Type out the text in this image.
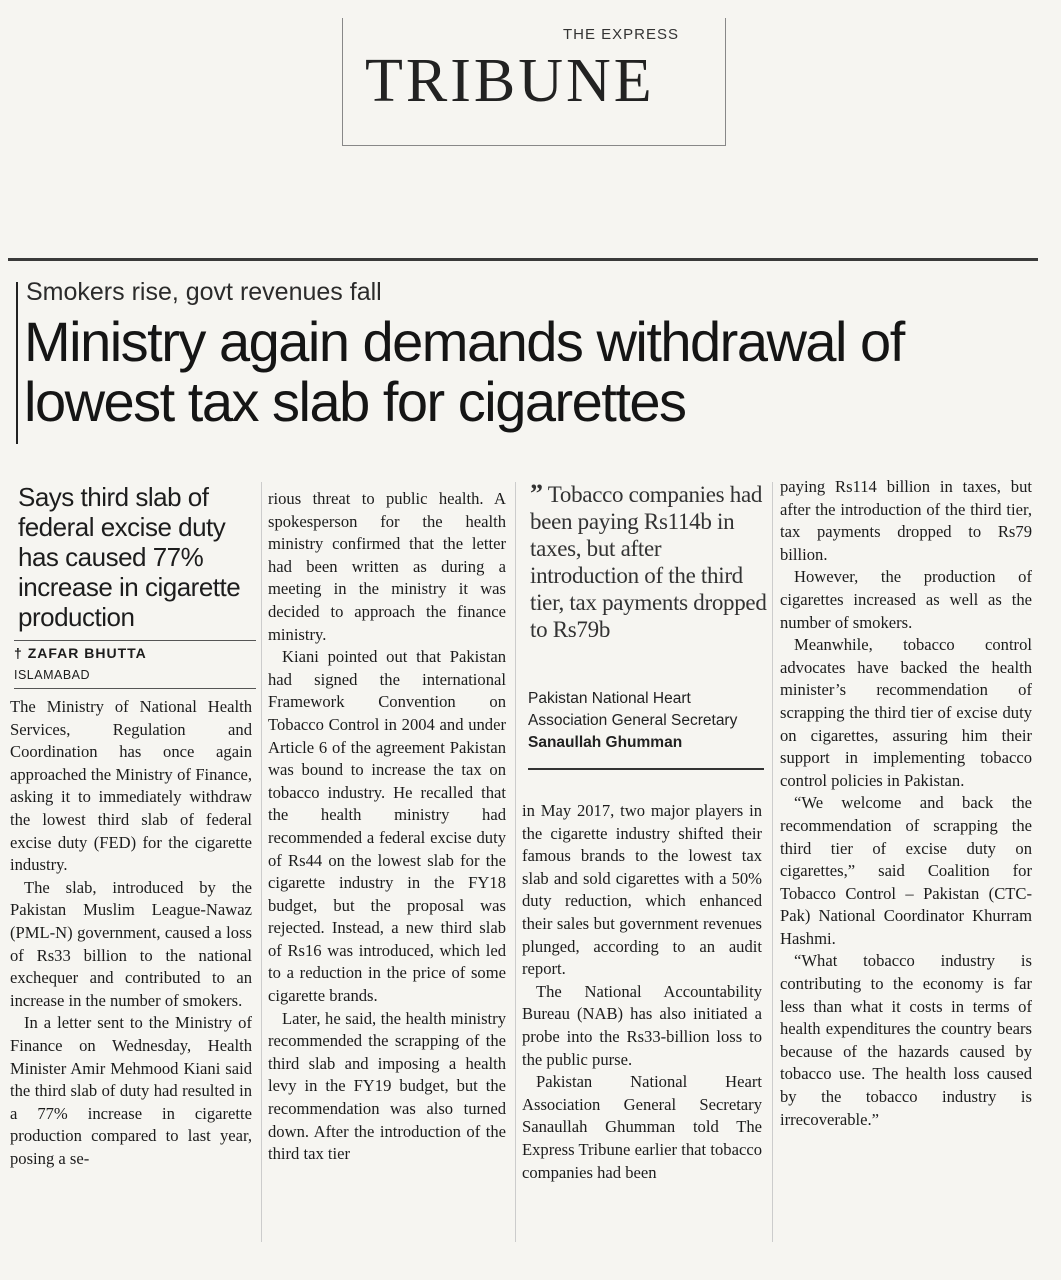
THE EXPRESS
TRIBUNE
Smokers rise, govt revenues fall
Ministry again demands withdrawal of lowest tax slab for cigarettes
Says third slab of federal excise duty has caused 77% increase in cigarette production
† ZAFAR BHUTTA
ISLAMABAD

The Ministry of National Health Services, Regulation and Coordination has once again approached the Ministry of Finance, asking it to immediately withdraw the lowest third slab of federal excise duty (FED) for the cigarette industry.

The slab, introduced by the Pakistan Muslim League-Nawaz (PML-N) government, caused a loss of Rs33 billion to the national exchequer and contributed to an increase in the number of smokers.

In a letter sent to the Ministry of Finance on Wednesday, Health Minister Amir Mehmood Kiani said the third slab of duty had resulted in a 77% increase in cigarette production compared to last year, posing a se-

rious threat to public health. A spokesperson for the health ministry confirmed that the letter had been written as during a meeting in the ministry it was decided to approach the finance ministry.

Kiani pointed out that Pakistan had signed the international Framework Convention on Tobacco Control in 2004 and under Article 6 of the agreement Pakistan was bound to increase the tax on tobacco industry. He recalled that the health ministry had recommended a federal excise duty of Rs44 on the lowest slab for the cigarette industry in the FY18 budget, but the proposal was rejected. Instead, a new third slab of Rs16 was introduced, which led to a reduction in the price of some cigarette brands.

Later, he said, the health ministry recommended the scrapping of the third slab and imposing a health levy in the FY19 budget, but the recommendation was also turned down. After the introduction of the third tax tier

” Tobacco companies had been paying Rs114b in taxes, but after introduction of the third tier, tax payments dropped to Rs79b
Pakistan National Heart Association General Secretary
Sanaullah Ghumman

in May 2017, two major players in the cigarette industry shifted their famous brands to the lowest tax slab and sold cigarettes with a 50% duty reduction, which enhanced their sales but government revenues plunged, according to an audit report.

The National Accountability Bureau (NAB) has also initiated a probe into the Rs33-billion loss to the public purse.

Pakistan National Heart Association General Secretary Sanaullah Ghumman told The Express Tribune earlier that tobacco companies had been

paying Rs114 billion in taxes, but after the introduction of the third tier, tax payments dropped to Rs79 billion.

However, the production of cigarettes increased as well as the number of smokers.

Meanwhile, tobacco control advocates have backed the health minister’s recommendation of scrapping the third tier of excise duty on cigarettes, assuring him their support in implementing tobacco control policies in Pakistan.

“We welcome and back the recommendation of scrapping the third tier of excise duty on cigarettes,” said Coalition for Tobacco Control – Pakistan (CTC-Pak) National Coordinator Khurram Hashmi.

“What tobacco industry is contributing to the economy is far less than what it costs in terms of health expenditures the country bears because of the hazards caused by tobacco use. The health loss caused by the tobacco industry is irrecoverable.”
